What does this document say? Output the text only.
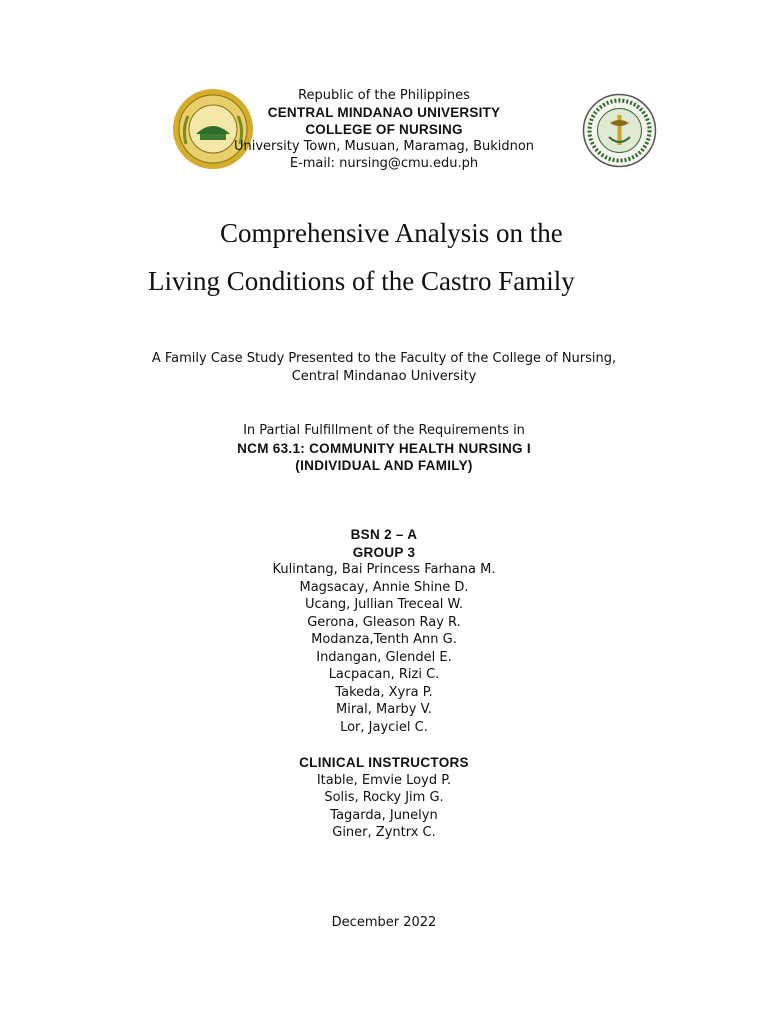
Republic of the Philippines
CENTRAL MINDANAO UNIVERSITY
COLLEGE OF NURSING
University Town, Musuan, Maramag, Bukidnon
E-mail: nursing@cmu.edu.ph
Comprehensive Analysis on the
Living Conditions of the Castro Family
A Family Case Study Presented to the Faculty of the College of Nursing,
Central Mindanao University
In Partial Fulfillment of the Requirements in
NCM 63.1: COMMUNITY HEALTH NURSING I
(INDIVIDUAL AND FAMILY)
BSN 2 – A
GROUP 3
Kulintang, Bai Princess Farhana M.
Magsacay, Annie Shine D.
Ucang, Jullian Treceal W.
Gerona, Gleason Ray R.
Modanza,Tenth Ann G.
Indangan, Glendel E.
Lacpacan, Rizi C.
Takeda, Xyra P.
Miral, Marby V.
Lor, Jayciel C.
CLINICAL INSTRUCTORS
Itable, Emvie Loyd P.
Solis, Rocky Jim G.
Tagarda, Junelyn
Giner, Zyntrx C.
December 2022
